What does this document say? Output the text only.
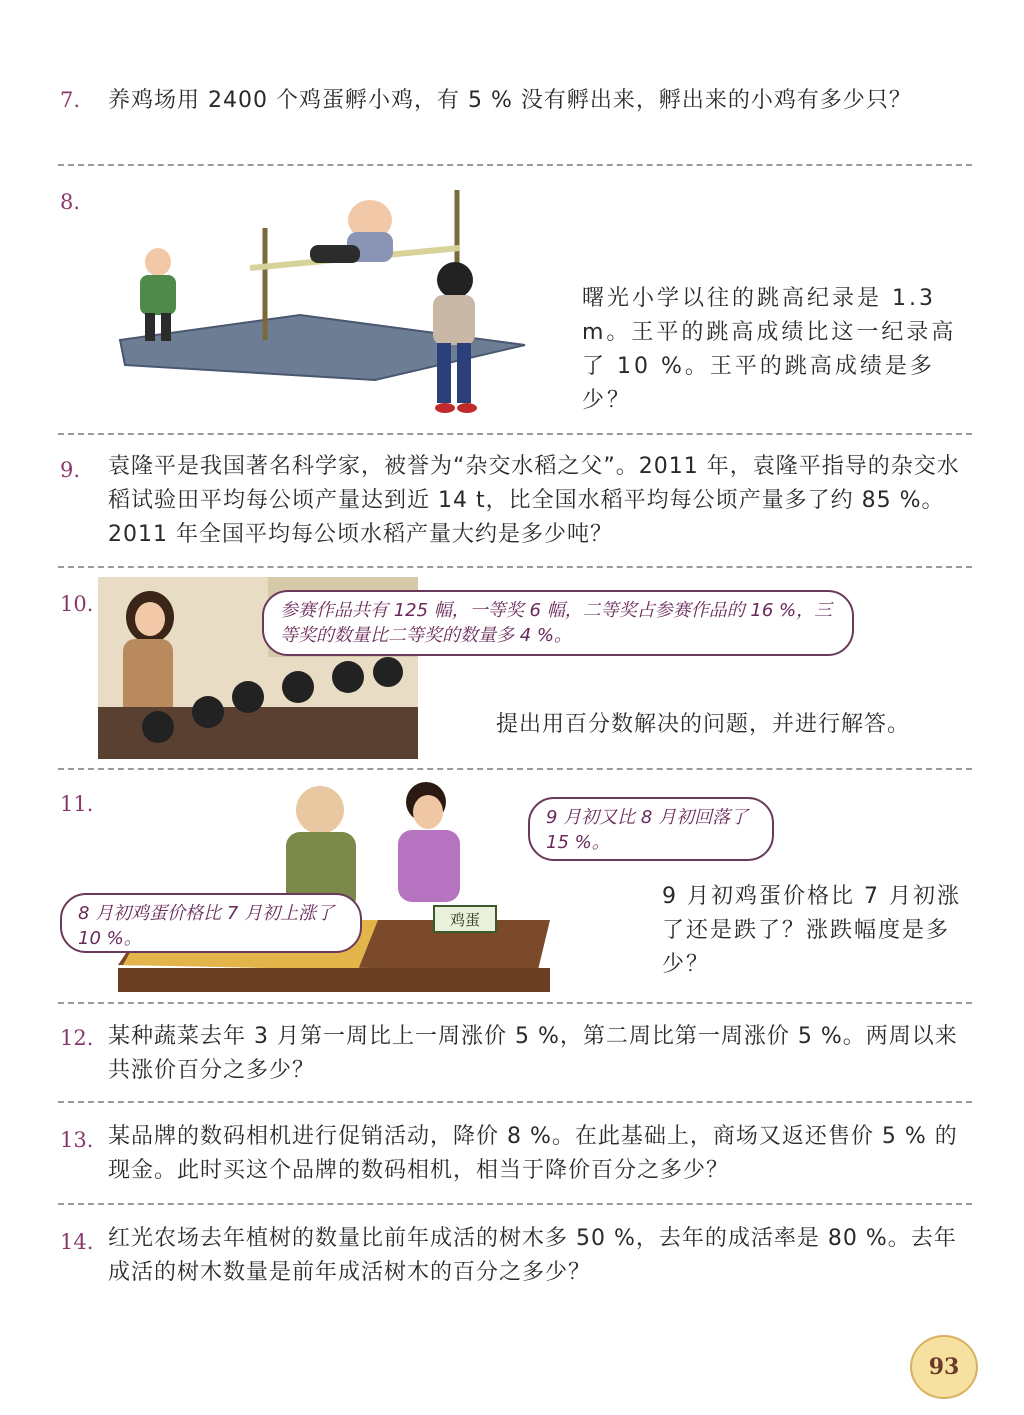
7. 养鸡场用 2400 个鸡蛋孵小鸡，有 5 % 没有孵出来，孵出来的小鸡有多少只？

8.

曙光小学以往的跳高纪录是 1.3 m。王平的跳高成绩比这一纪录高了 10 %。王平的跳高成绩是多少？

9. 袁隆平是我国著名科学家，被誉为“杂交水稻之父”。2011 年，袁隆平指导的杂交水稻试验田平均每公顷产量达到近 14 t，比全国水稻平均每公顷产量多了约 85 %。2011 年全国平均每公顷水稻产量大约是多少吨？

10.	参赛作品共有 125 幅，一等奖 6 幅，二等奖占参赛作品的 16 %，三等奖的数量比二等奖的数量多 4 %。

提出用百分数解决的问题，并进行解答。

11.
鸡蛋
9 月初又比 8 月初回落了 15 %。
8 月初鸡蛋价格比 7 月初上涨了 10 %。

9 月初鸡蛋价格比 7 月初涨了还是跌了？涨跌幅度是多少？

12. 某种蔬菜去年 3 月第一周比上一周涨价 5 %，第二周比第一周涨价 5 %。两周以来共涨价百分之多少？

13. 某品牌的数码相机进行促销活动，降价 8 %。在此基础上，商场又返还售价 5 % 的现金。此时买这个品牌的数码相机，相当于降价百分之多少？

14. 红光农场去年植树的数量比前年成活的树木多 50 %，去年的成活率是 80 %。去年成活的树木数量是前年成活树木的百分之多少？

93
